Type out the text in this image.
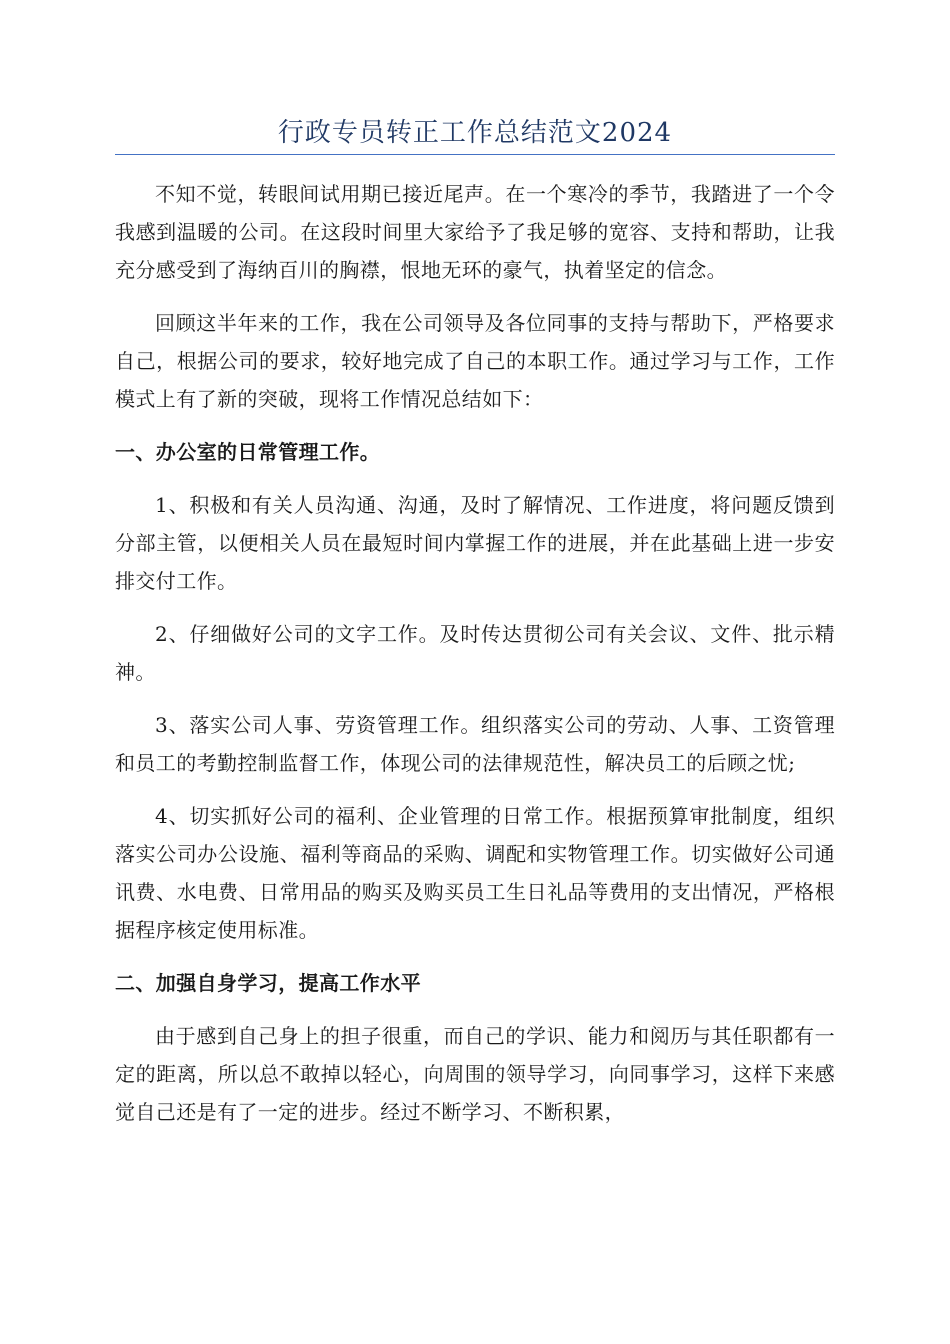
行政专员转正工作总结范文2024

不知不觉，转眼间试用期已接近尾声。在一个寒冷的季节，我踏进了一个令我感到温暖的公司。在这段时间里大家给予了我足够的宽容、支持和帮助，让我充分感受到了海纳百川的胸襟，恨地无环的豪气，执着坚定的信念。

回顾这半年来的工作，我在公司领导及各位同事的支持与帮助下，严格要求自己，根据公司的要求，较好地完成了自己的本职工作。通过学习与工作，工作模式上有了新的突破，现将工作情况总结如下：

一、办公室的日常管理工作。

1、积极和有关人员沟通、沟通，及时了解情况、工作进度，将问题反馈到分部主管，以便相关人员在最短时间内掌握工作的进展，并在此基础上进一步安排交付工作。

2、仔细做好公司的文字工作。及时传达贯彻公司有关会议、文件、批示精神。

3、落实公司人事、劳资管理工作。组织落实公司的劳动、人事、工资管理和员工的考勤控制监督工作，体现公司的法律规范性，解决员工的后顾之忧;

4、切实抓好公司的福利、企业管理的日常工作。根据预算审批制度，组织落实公司办公设施、福利等商品的采购、调配和实物管理工作。切实做好公司通讯费、水电费、日常用品的购买及购买员工生日礼品等费用的支出情况，严格根据程序核定使用标准。

二、加强自身学习，提高工作水平

由于感到自己身上的担子很重，而自己的学识、能力和阅历与其任职都有一定的距离，所以总不敢掉以轻心，向周围的领导学习，向同事学习，这样下来感觉自己还是有了一定的进步。经过不断学习、不断积累，
